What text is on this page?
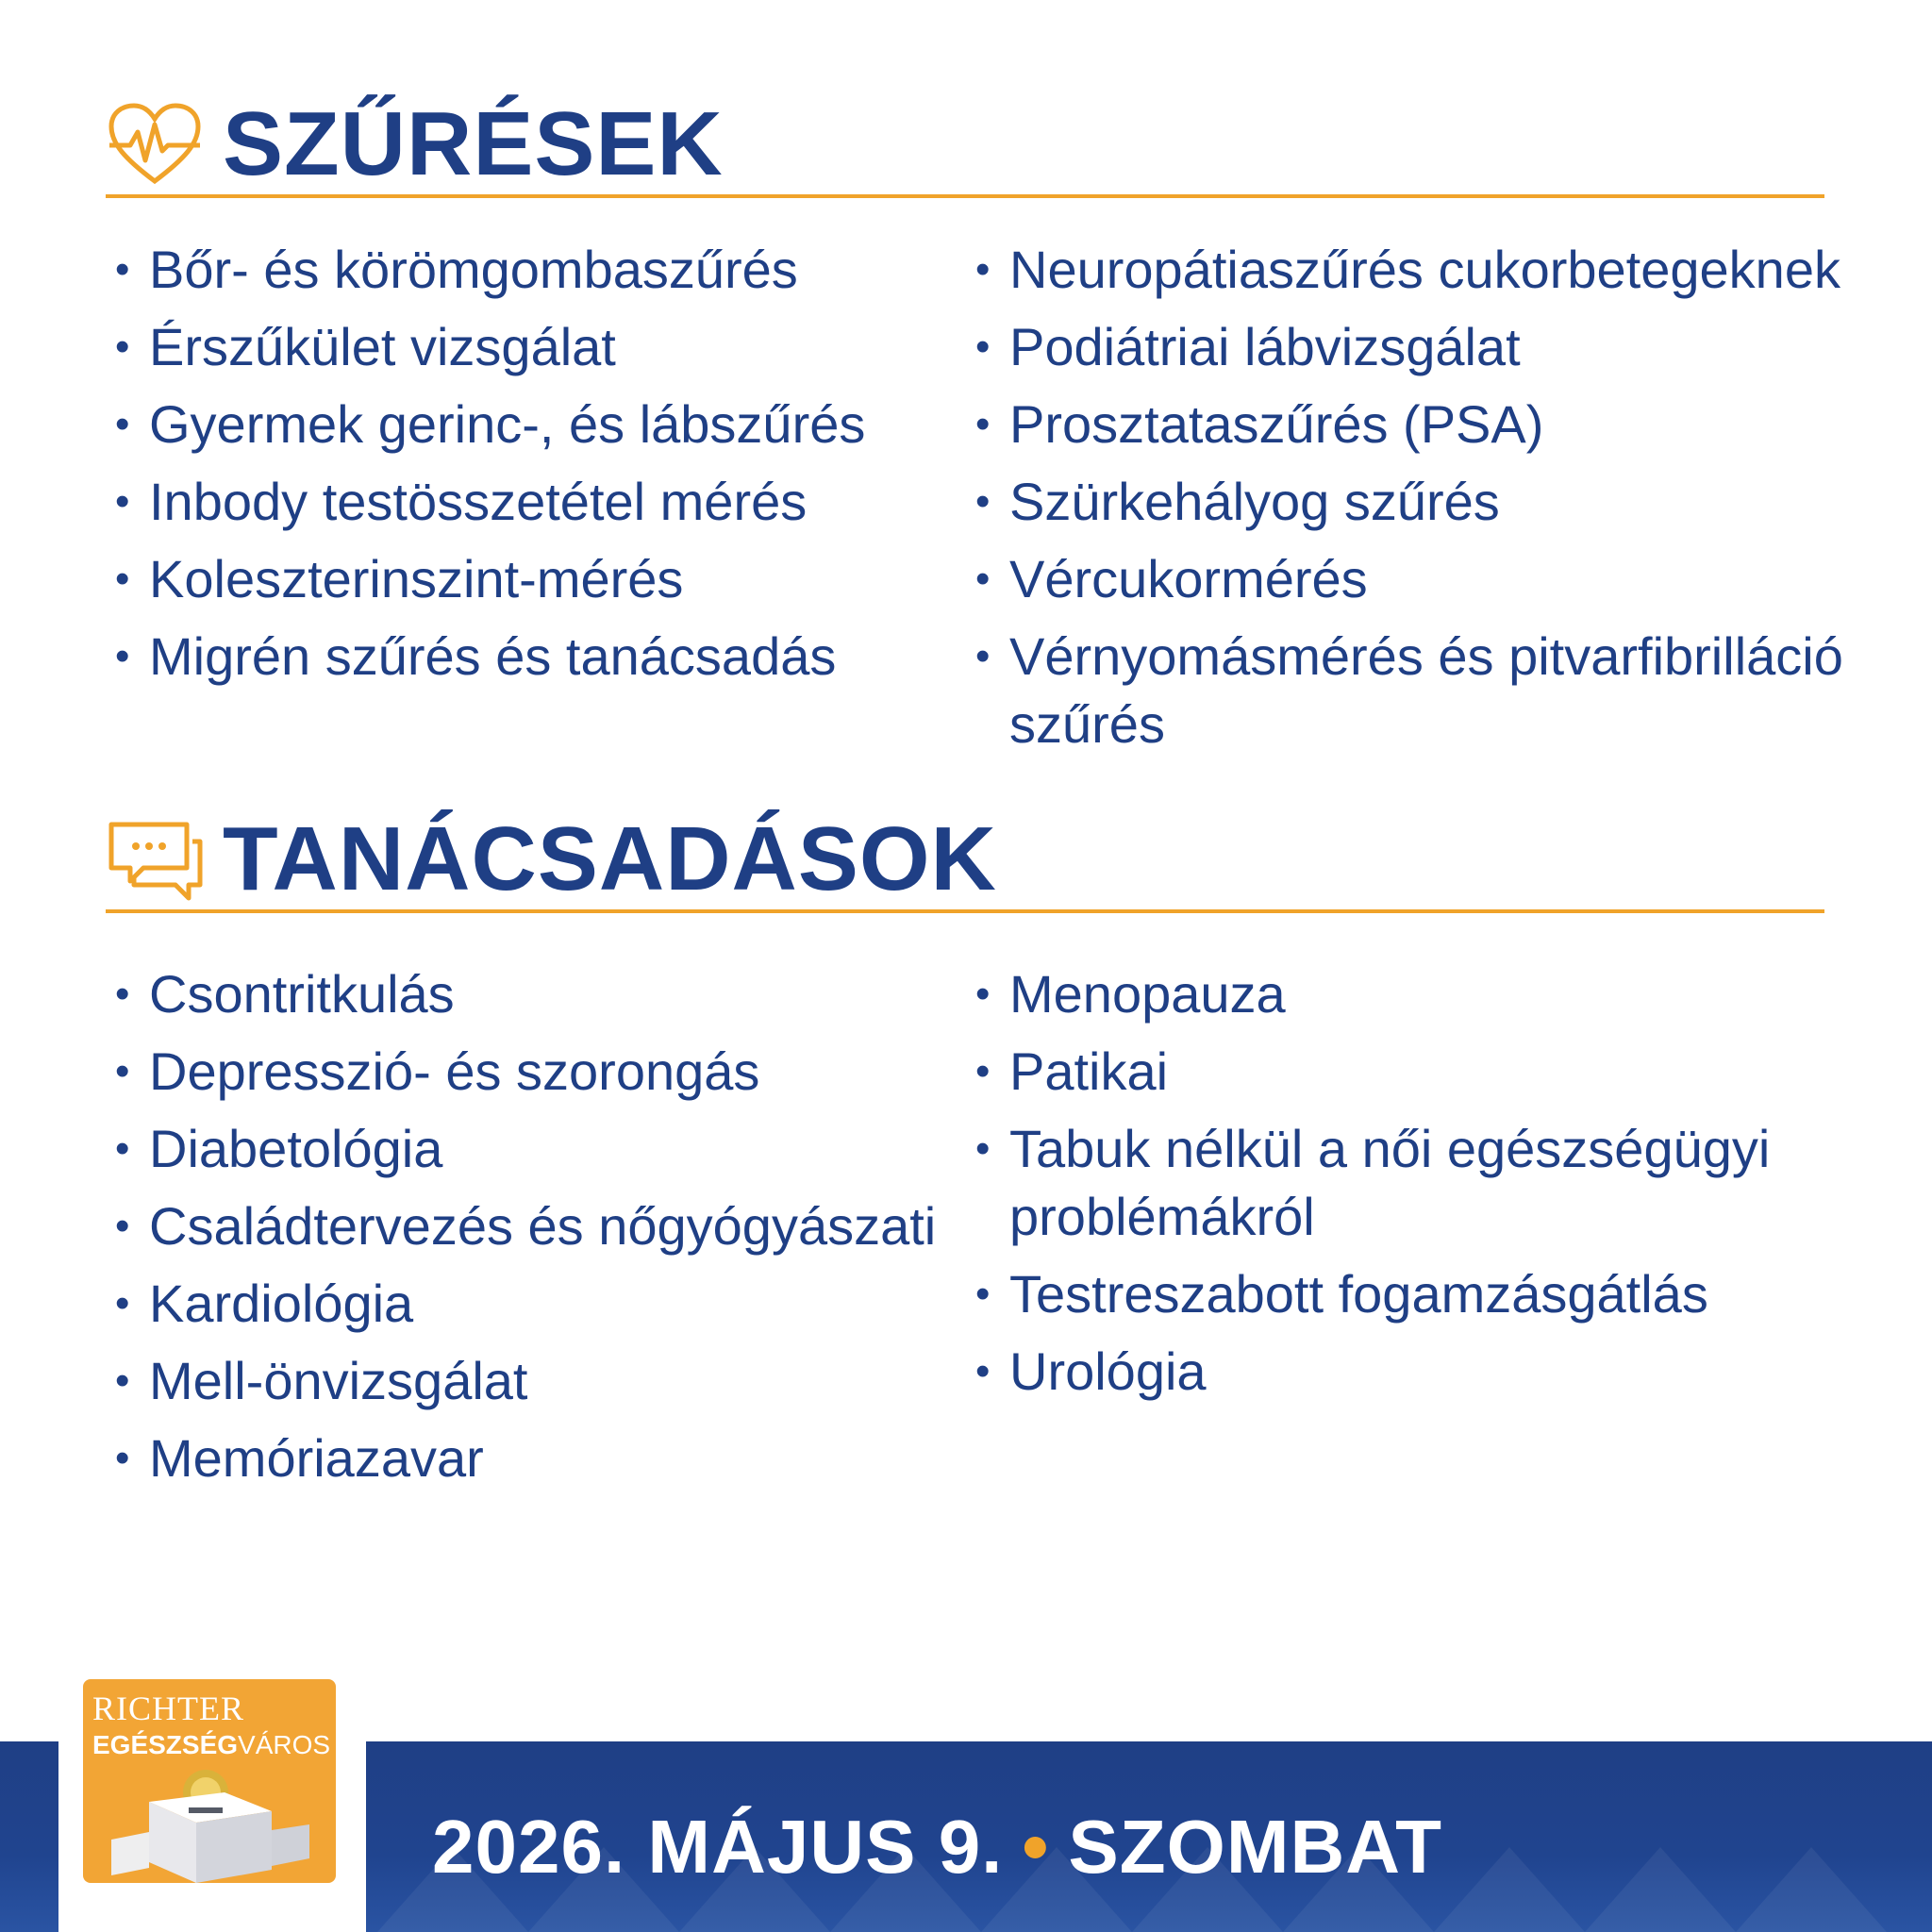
SZŰRÉSEK
• Bőr- és körömgombaszűrés
• Érszűkület vizsgálat
• Gyermek gerinc-, és lábszűrés
• Inbody testösszetétel mérés
• Koleszterinszint-mérés
• Migrén szűrés és tanácsadás
• Neuropátiaszűrés cukorbetegeknek
• Podiátriai lábvizsgálat
• Prosztataszűrés (PSA)
• Szürkehályog szűrés
• Vércukormérés
• Vérnyomásmérés és pitvarfibrilláció szűrés
TANÁCSADÁSOK
• Csontritkulás
• Depresszió- és szorongás
• Diabetológia
• Családtervezés és nőgyógyászati
• Kardiológia
• Mell-önvizsgálat
• Memóriazavar
• Menopauza
• Patikai
• Tabuk nélkül a női egészségügyi problémákról
• Testreszabott fogamzásgátlás
• Urológia
2026. MÁJUS 9. • SZOMBAT
RICHTER
EGÉSZSÉGVÁROS
